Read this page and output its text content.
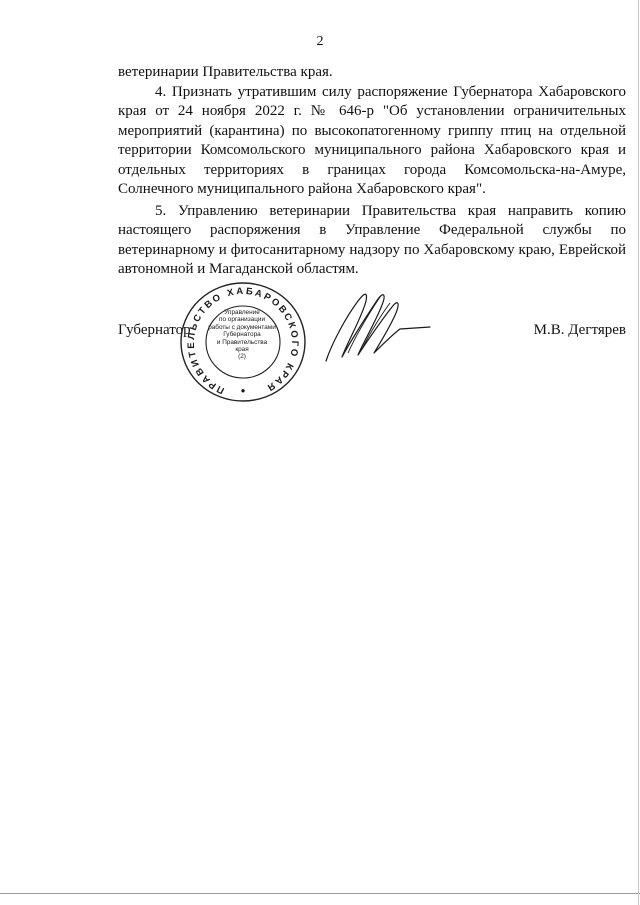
2

ветеринарии Правительства края.

4. Признать утратившим силу распоряжение Губернатора Хабаровского края от 24 ноября 2022 г. № 646-р "Об установлении ограничительных мероприятий (карантина) по высокопатогенному гриппу птиц на отдельной территории Комсомольского муниципального района Хабаровского края и отдельных территориях в границах города Комсомольска-на-Амуре, Солнечного муниципального района Хабаровского края".

5. Управлению ветеринарии Правительства края направить копию настоящего распоряжения в Управление Федеральной службы по ветеринарному и фитосанитарному надзору по Хабаровскому краю, Еврейской автономной и Магаданской областям.

Губернатор	М.В. Дегтярев
ПРАВИТЕЛЬСТВО ХАБАРОВСКОГО КРАЯ
●
Управление
по организации
работы с документами
Губернатора
и Правительства
края
(2)
